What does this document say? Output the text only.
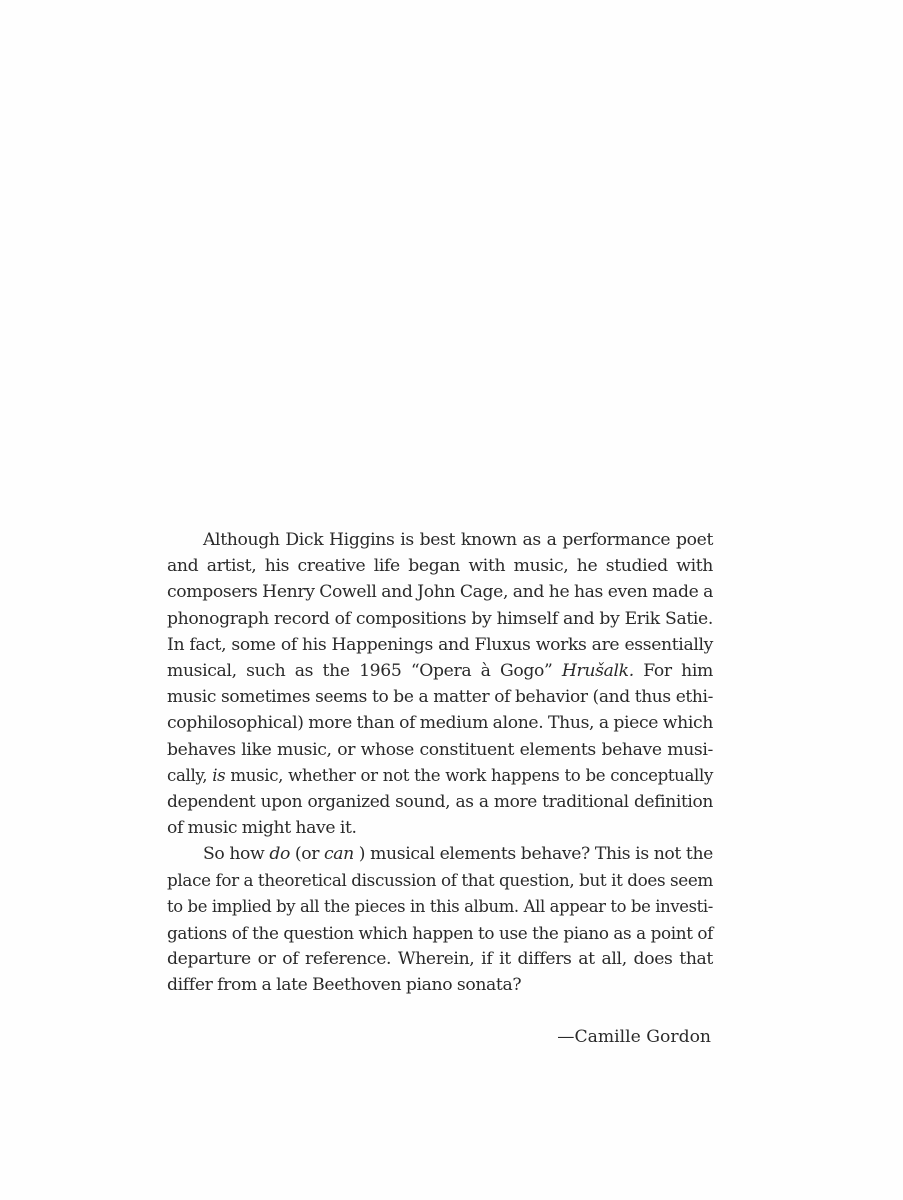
Although Dick Higgins is best known as a performance poet
and artist, his creative life began with music, he studied with
composers Henry Cowell and John Cage, and he has even made a
phonograph record of compositions by himself and by Erik Satie.
In fact, some of his Happenings and Fluxus works are essentially
musical, such as the 1965 “Opera à Gogo” Hrušalk. For him
music sometimes seems to be a matter of behavior (and thus ethi-
cophilosophical) more than of medium alone. Thus, a piece which
behaves like music, or whose constituent elements behave musi-
cally, is music, whether or not the work happens to be conceptually
dependent upon organized sound, as a more traditional definition
of music might have it.
So how do (or can ) musical elements behave? This is not the
place for a theoretical discussion of that question, but it does seem
to be implied by all the pieces in this album. All appear to be investi-
gations of the question which happen to use the piano as a point of
departure or of reference. Wherein, if it differs at all, does that
differ from a late Beethoven piano sonata?
—Camille Gordon
